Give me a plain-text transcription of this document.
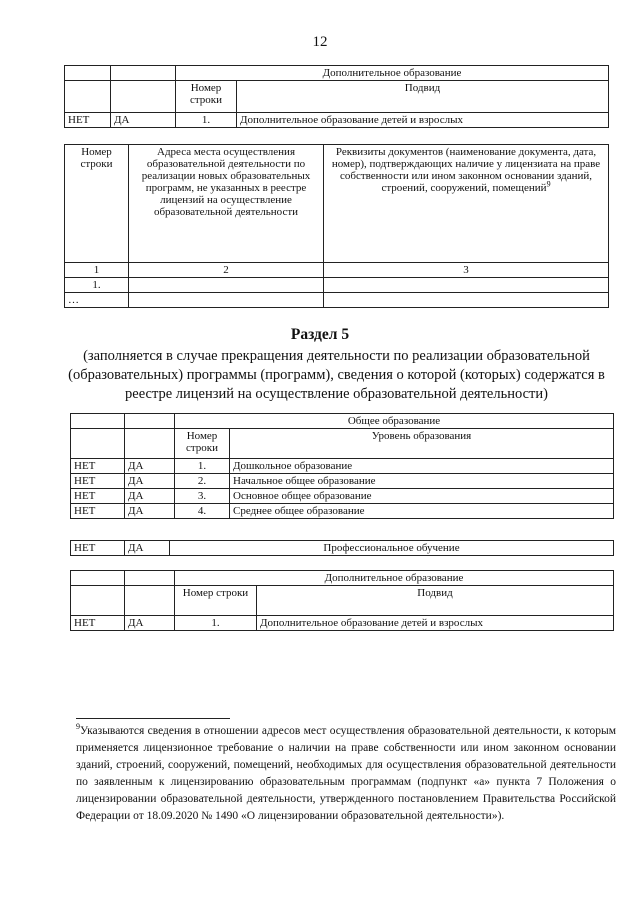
12
		Дополнительное образование	
		Номер строки	Подвид
НЕТ	ДА	1.	Дополнительное образование детей и взрослых
Номер строки	Адреса места осуществления образовательной деятельности по реализации новых образовательных программ, не указанных в реестре лицензий на осуществление образовательной деятельности	Реквизиты документов (наименование документа, дата, номер), подтверждающих наличие у лицензиата на праве собственности или ином законном основании зданий, строений, сооружений, помещений$^9$
1	2	3
1.		
…		
Раздел 5
(заполняется в случае прекращения деятельности по реализации образовательной (образовательных) программы (программ), сведения о которой (которых) содержатся в реестре лицензий на осуществление образовательной деятельности)
		Общее образование	
		Номер строки	Уровень образования
НЕТ	ДА	1.	Дошкольное образование
НЕТ	ДА	2.	Начальное общее образование
НЕТ	ДА	3.	Основное общее образование
НЕТ	ДА	4.	Среднее общее образование
НЕТ	ДА	Профессиональное обучение
		Дополнительное образование	
		Номер строки	Подвид
НЕТ	ДА	1.	Дополнительное образование детей и взрослых
$^9$Указываются сведения в отношении адресов мест осуществления образовательной деятельности, к которым применяется лицензионное требование о наличии на праве собственности или ином законном основании зданий, строений, сооружений, помещений, необходимых для осуществления образовательной деятельности по заявленным к лицензированию образовательным программам (подпункт «а» пункта 7 Положения о лицензировании образовательной деятельности, утвержденного постановлением Правительства Российской Федерации от 18.09.2020 № 1490 «О лицензировании образовательной деятельности»).
